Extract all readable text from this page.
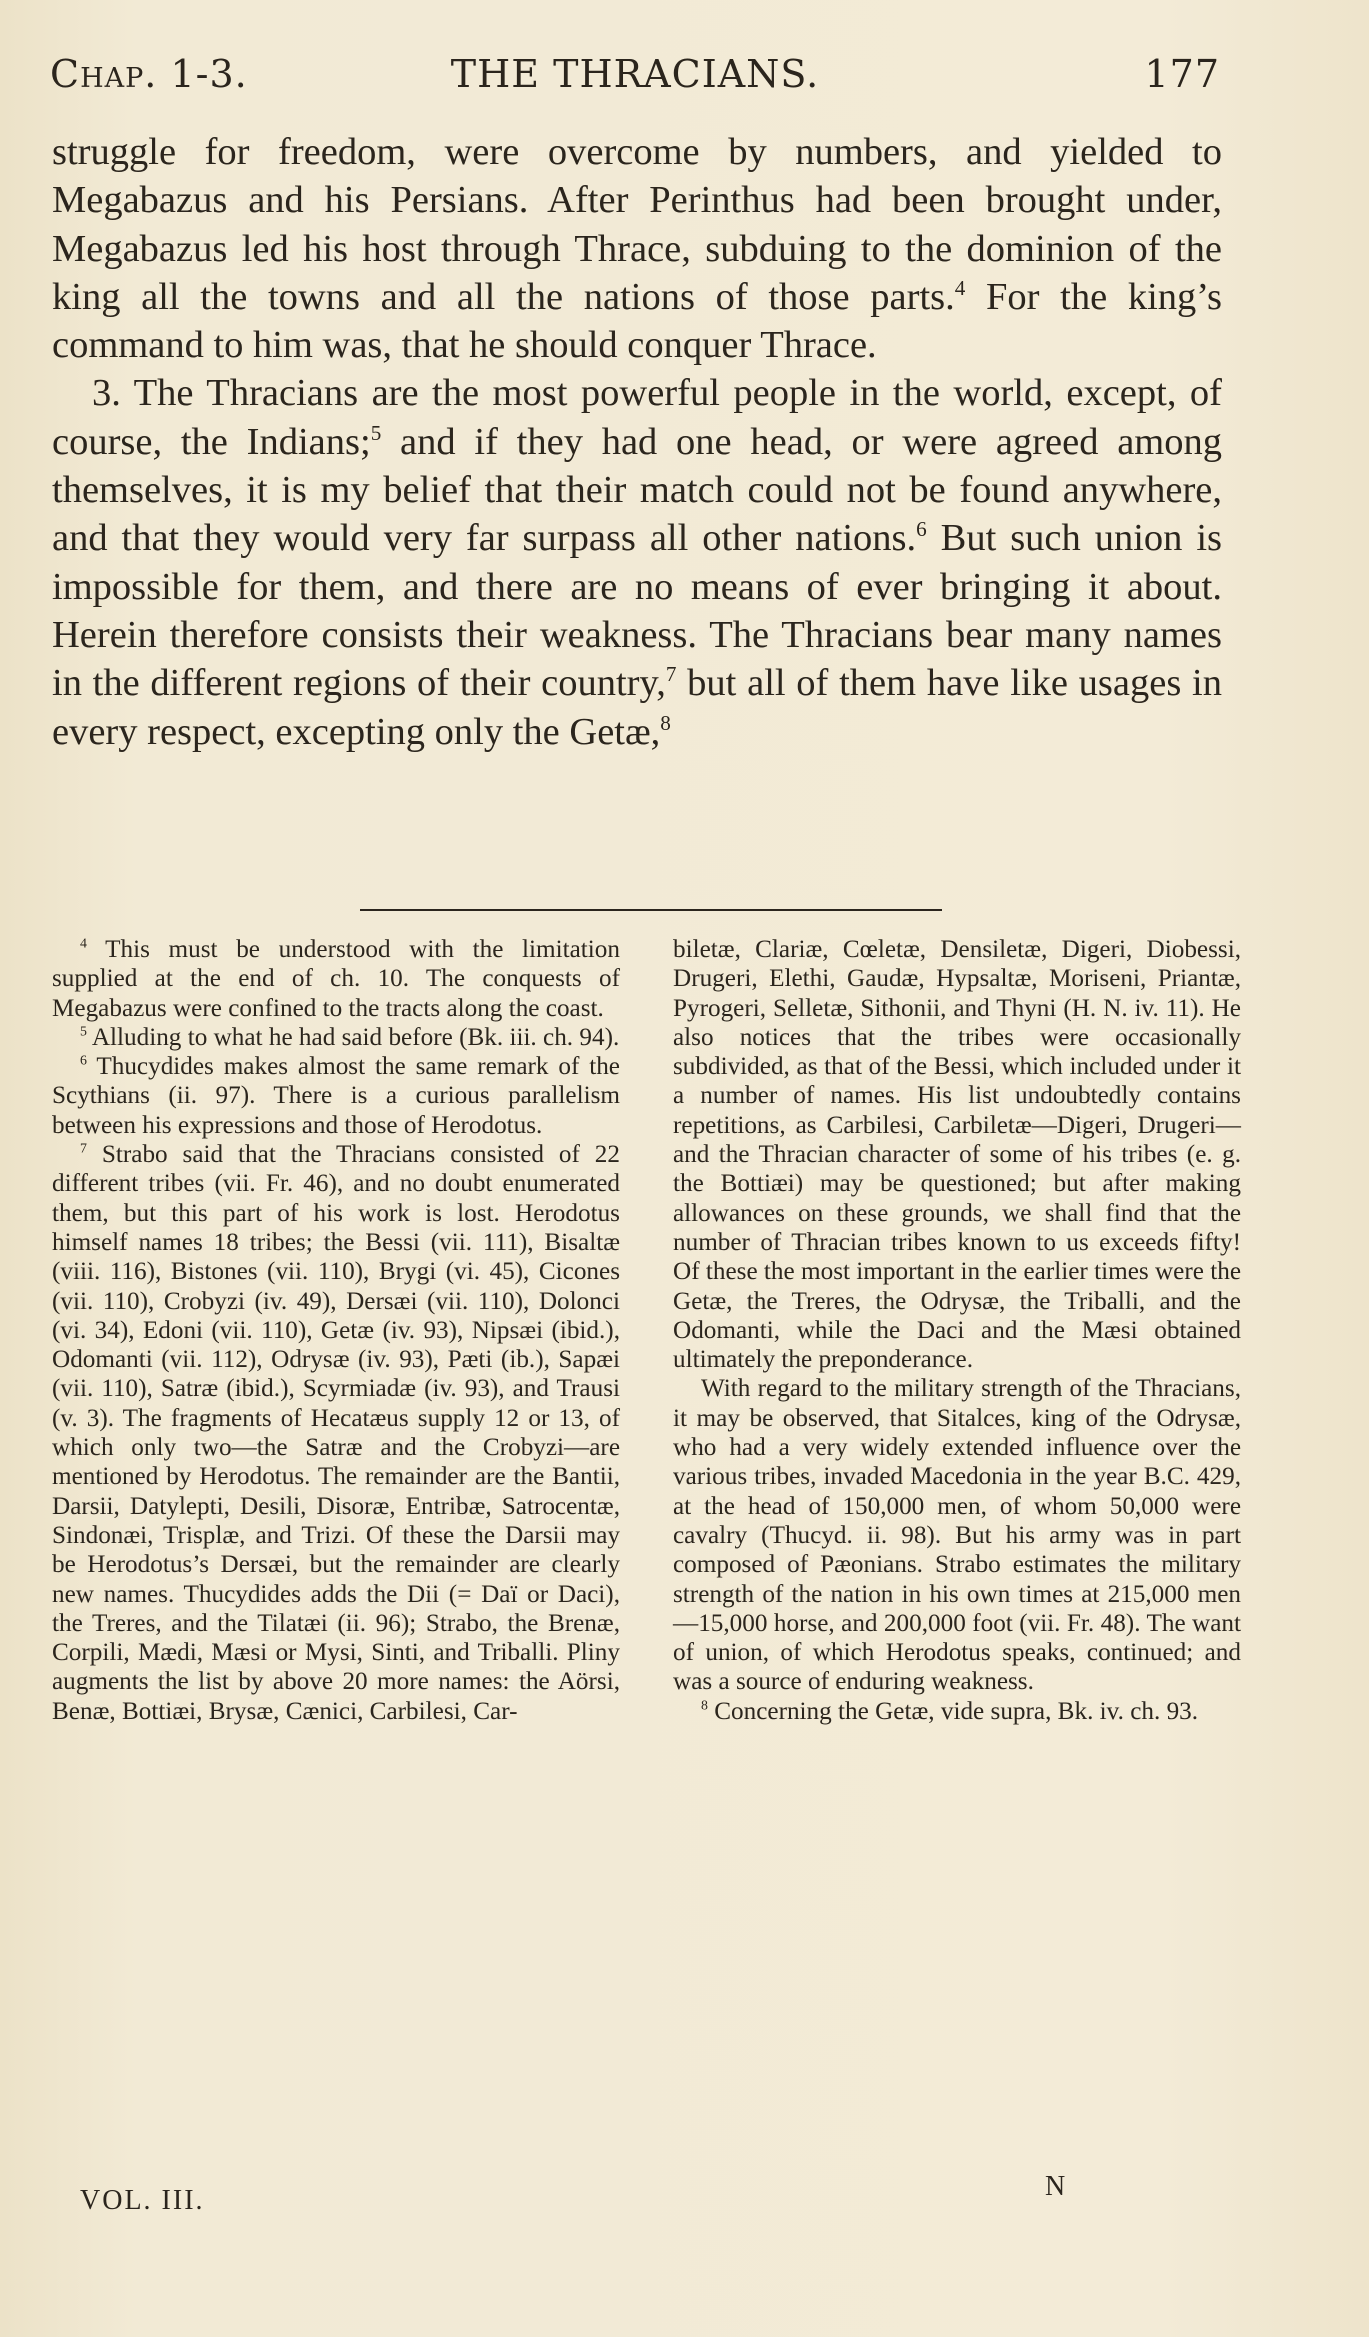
Chap. 1-3.	THE THRACIANS.	177

struggle for freedom, were overcome by numbers, and yielded to Megabazus and his Persians. After Perinthus had been brought under, Megabazus led his host through Thrace, subduing to the dominion of the king all the towns and all the nations of those parts.$^4$ For the king’s command to him was, that he should conquer Thrace.

3. The Thracians are the most powerful people in the world, except, of course, the Indians;$^5$ and if they had one head, or were agreed among themselves, it is my belief that their match could not be found anywhere, and that they would very far surpass all other nations.$^6$ But such union is impossible for them, and there are no means of ever bringing it about. Herein therefore consists their weakness. The Thracians bear many names in the different regions of their country,$^7$ but all of them have like usages in every respect, excepting only the Getæ,$^8$

$^4$ This must be understood with the limitation supplied at the end of ch. 10. The conquests of Megabazus were confined to the tracts along the coast.

$^5$ Alluding to what he had said before (Bk. iii. ch. 94).

$^6$ Thucydides makes almost the same remark of the Scythians (ii. 97). There is a curious parallelism between his expressions and those of Herodotus.

$^7$ Strabo said that the Thracians consisted of 22 different tribes (vii. Fr. 46), and no doubt enumerated them, but this part of his work is lost. Herodotus himself names 18 tribes; the Bessi (vii. 111), Bisaltæ (viii. 116), Bistones (vii. 110), Brygi (vi. 45), Cicones (vii. 110), Crobyzi (iv. 49), Dersæi (vii. 110), Dolonci (vi. 34), Edoni (vii. 110), Getæ (iv. 93), Nipsæi (ibid.), Odomanti (vii. 112), Odrysæ (iv. 93), Pæti (ib.), Sapæi (vii. 110), Satræ (ibid.), Scyrmiadæ (iv. 93), and Trausi (v. 3). The fragments of Hecatæus supply 12 or 13, of which only two—the Satræ and the Crobyzi—are mentioned by Herodotus. The remainder are the Bantii, Darsii, Datylepti, Desili, Disoræ, Entribæ, Satrocentæ, Sindonæi, Trisplæ, and Trizi. Of these the Darsii may be Herodotus’s Dersæi, but the remainder are clearly new names. Thucydides adds the Dii (= Daï or Daci), the Treres, and the Tilatæi (ii. 96); Strabo, the Brenæ, Corpili, Mædi, Mæsi or Mysi, Sinti, and Triballi. Pliny augments the list by above 20 more names: the Aörsi, Benæ, Bottiæi, Brysæ, Cænici, Carbilesi, Car-

biletæ, Clariæ, Cœletæ, Densiletæ, Digeri, Diobessi, Drugeri, Elethi, Gaudæ, Hypsaltæ, Moriseni, Priantæ, Pyrogeri, Selletæ, Sithonii, and Thyni (H. N. iv. 11). He also notices that the tribes were occasionally subdivided, as that of the Bessi, which included under it a number of names. His list undoubtedly contains repetitions, as Carbilesi, Carbiletæ—Digeri, Drugeri—and the Thracian character of some of his tribes (e. g. the Bottiæi) may be questioned; but after making allowances on these grounds, we shall find that the number of Thracian tribes known to us exceeds fifty! Of these the most important in the earlier times were the Getæ, the Treres, the Odrysæ, the Triballi, and the Odomanti, while the Daci and the Mæsi obtained ultimately the preponderance.

With regard to the military strength of the Thracians, it may be observed, that Sitalces, king of the Odrysæ, who had a very widely extended influence over the various tribes, invaded Macedonia in the year B.C. 429, at the head of 150,000 men, of whom 50,000 were cavalry (Thucyd. ii. 98). But his army was in part composed of Pæonians. Strabo estimates the military strength of the nation in his own times at 215,000 men—15,000 horse, and 200,000 foot (vii. Fr. 48). The want of union, of which Herodotus speaks, continued; and was a source of enduring weakness.

$^8$ Concerning the Getæ, vide supra, Bk. iv. ch. 93.

VOL. III.	N
